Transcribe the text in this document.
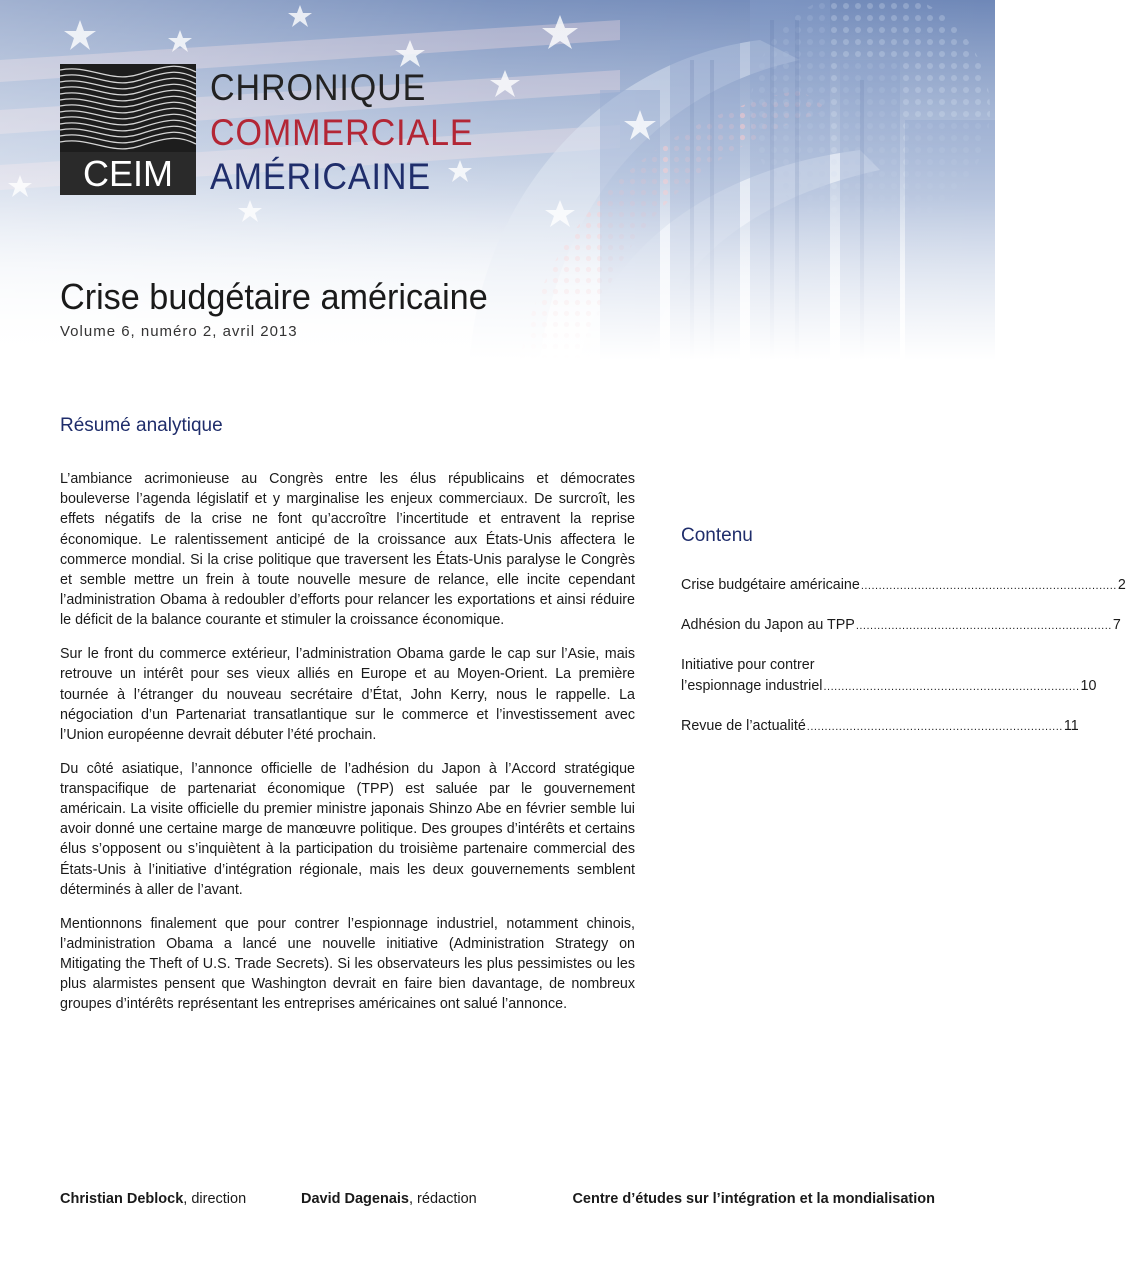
CEIM
CHRONIQUE
COMMERCIALE
AMÉRICAINE
Crise budgétaire américaine
Volume 6, numéro 2, avril 2013
Résumé analytique

L’ambiance acrimonieuse au Congrès entre les élus républicains et démocrates bouleverse l’agenda législatif et y marginalise les enjeux commerciaux. De surcroît, les effets négatifs de la crise ne font qu’accroître l’incertitude et entravent la reprise économique. Le ralentissement anticipé de la croissance aux États-Unis affectera le commerce mondial. Si la crise politique que traversent les États-Unis paralyse le Congrès et semble mettre un frein à toute nouvelle mesure de relance, elle incite cependant l’administration Obama à redoubler d’efforts pour relancer les exportations et ainsi réduire le déficit de la balance courante et stimuler la croissance économique.

Sur le front du commerce extérieur, l’administration Obama garde le cap sur l’Asie, mais retrouve un intérêt pour ses vieux alliés en Europe et au Moyen-Orient. La première tournée à l’étranger du nouveau secrétaire d’État, John Kerry, nous le rappelle. La négociation d’un Partenariat transatlantique sur le commerce et l’investissement avec l’Union européenne devrait débuter l’été prochain.

Du côté asiatique, l’annonce officielle de l’adhésion du Japon à l’Accord stratégique transpacifique de partenariat économique (TPP) est saluée par le gouvernement américain. La visite officielle du premier ministre japonais Shinzo Abe en février semble lui avoir donné une certaine marge de manœuvre politique. Des groupes d’intérêts et certains élus s’opposent ou s’inquiètent à la participation du troisième partenaire commercial des États-Unis à l’initiative d’intégration régionale, mais les deux gouvernements semblent déterminés à aller de l’avant.

Mentionnons finalement que pour contrer l’espionnage industriel, notamment chinois, l’administration Obama a lancé une nouvelle initiative (Administration Strategy on Mitigating the Theft of U.S. Trade Secrets). Si les observateurs les plus pessimistes ou les plus alarmistes pensent que Washington devrait en faire bien davantage, de nombreux groupes d’intérêts représentant les entreprises américaines ont salué l’annonce.

Contenu
Crise budgétaire américaine ........................................................................ 2
Adhésion du Japon au TPP ........................................................................ 7
Initiative pour contrer
l’espionnage industriel ........................................................................ 10
Revue de l’actualité ........................................................................ 11
Christian Deblock, direction	David Dagenais, rédaction	Centre d’études sur l’intégration et la mondialisation
